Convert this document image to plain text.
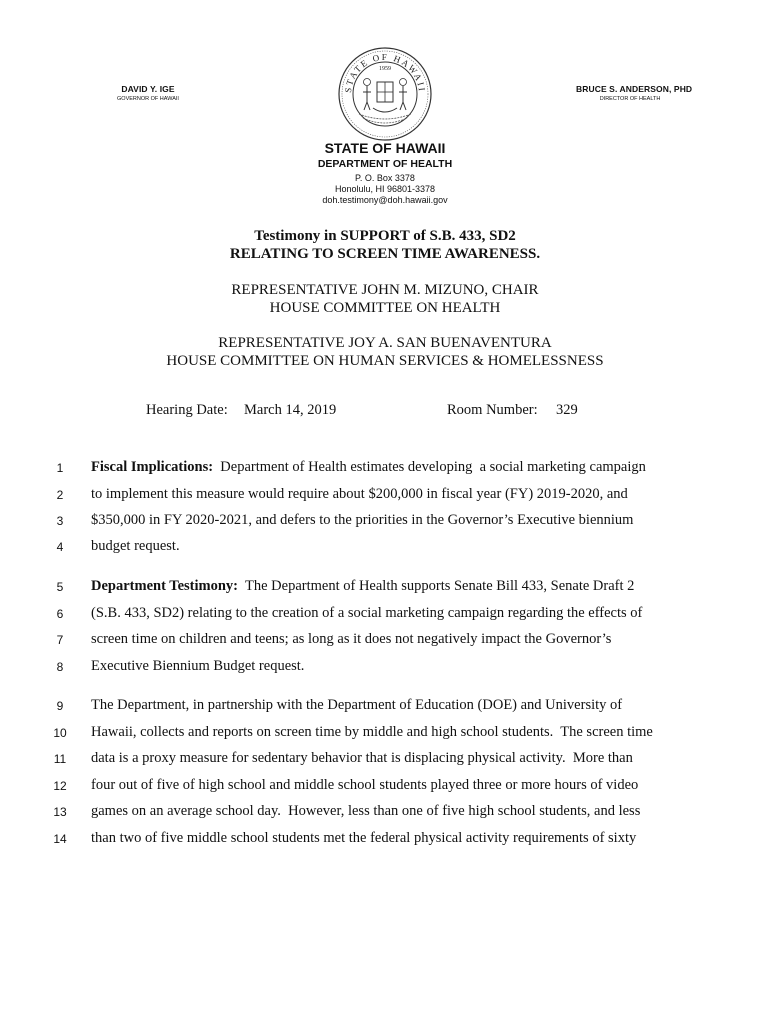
DAVID Y. IGE
GOVERNOR OF HAWAII
STATE OF HAWAII
1959
BRUCE S. ANDERSON, PHD
DIRECTOR OF HEALTH
STATE OF HAWAII
DEPARTMENT OF HEALTH
P. O. Box 3378
Honolulu, HI 96801-3378
doh.testimony@doh.hawaii.gov
Testimony in SUPPORT of S.B. 433, SD2
RELATING TO SCREEN TIME AWARENESS.
REPRESENTATIVE JOHN M. MIZUNO, CHAIR
HOUSE COMMITTEE ON HEALTH
REPRESENTATIVE JOY A. SAN BUENAVENTURA
HOUSE COMMITTEE ON HUMAN SERVICES & HOMELESSNESS
Hearing Date: March 14, 2019	Room Number: 329
1	Fiscal Implications:  Department of Health estimates developing  a social marketing campaign
2	to implement this measure would require about $200,000 in fiscal year (FY) 2019-2020, and
3	$350,000 in FY 2020-2021, and defers to the priorities in the Governor’s Executive biennium
4	budget request.
5	Department Testimony:  The Department of Health supports Senate Bill 433, Senate Draft 2
6	(S.B. 433, SD2) relating to the creation of a social marketing campaign regarding the effects of
7	screen time on children and teens; as long as it does not negatively impact the Governor’s
8	Executive Biennium Budget request.
9	The Department, in partnership with the Department of Education (DOE) and University of
10 Hawaii, collects and reports on screen time by middle and high school students.  The screen time
11 data is a proxy measure for sedentary behavior that is displacing physical activity.  More than
12 four out of five of high school and middle school students played three or more hours of video
13 games on an average school day.  However, less than one of five high school students, and less
14 than two of five middle school students met the federal physical activity requirements of sixty
